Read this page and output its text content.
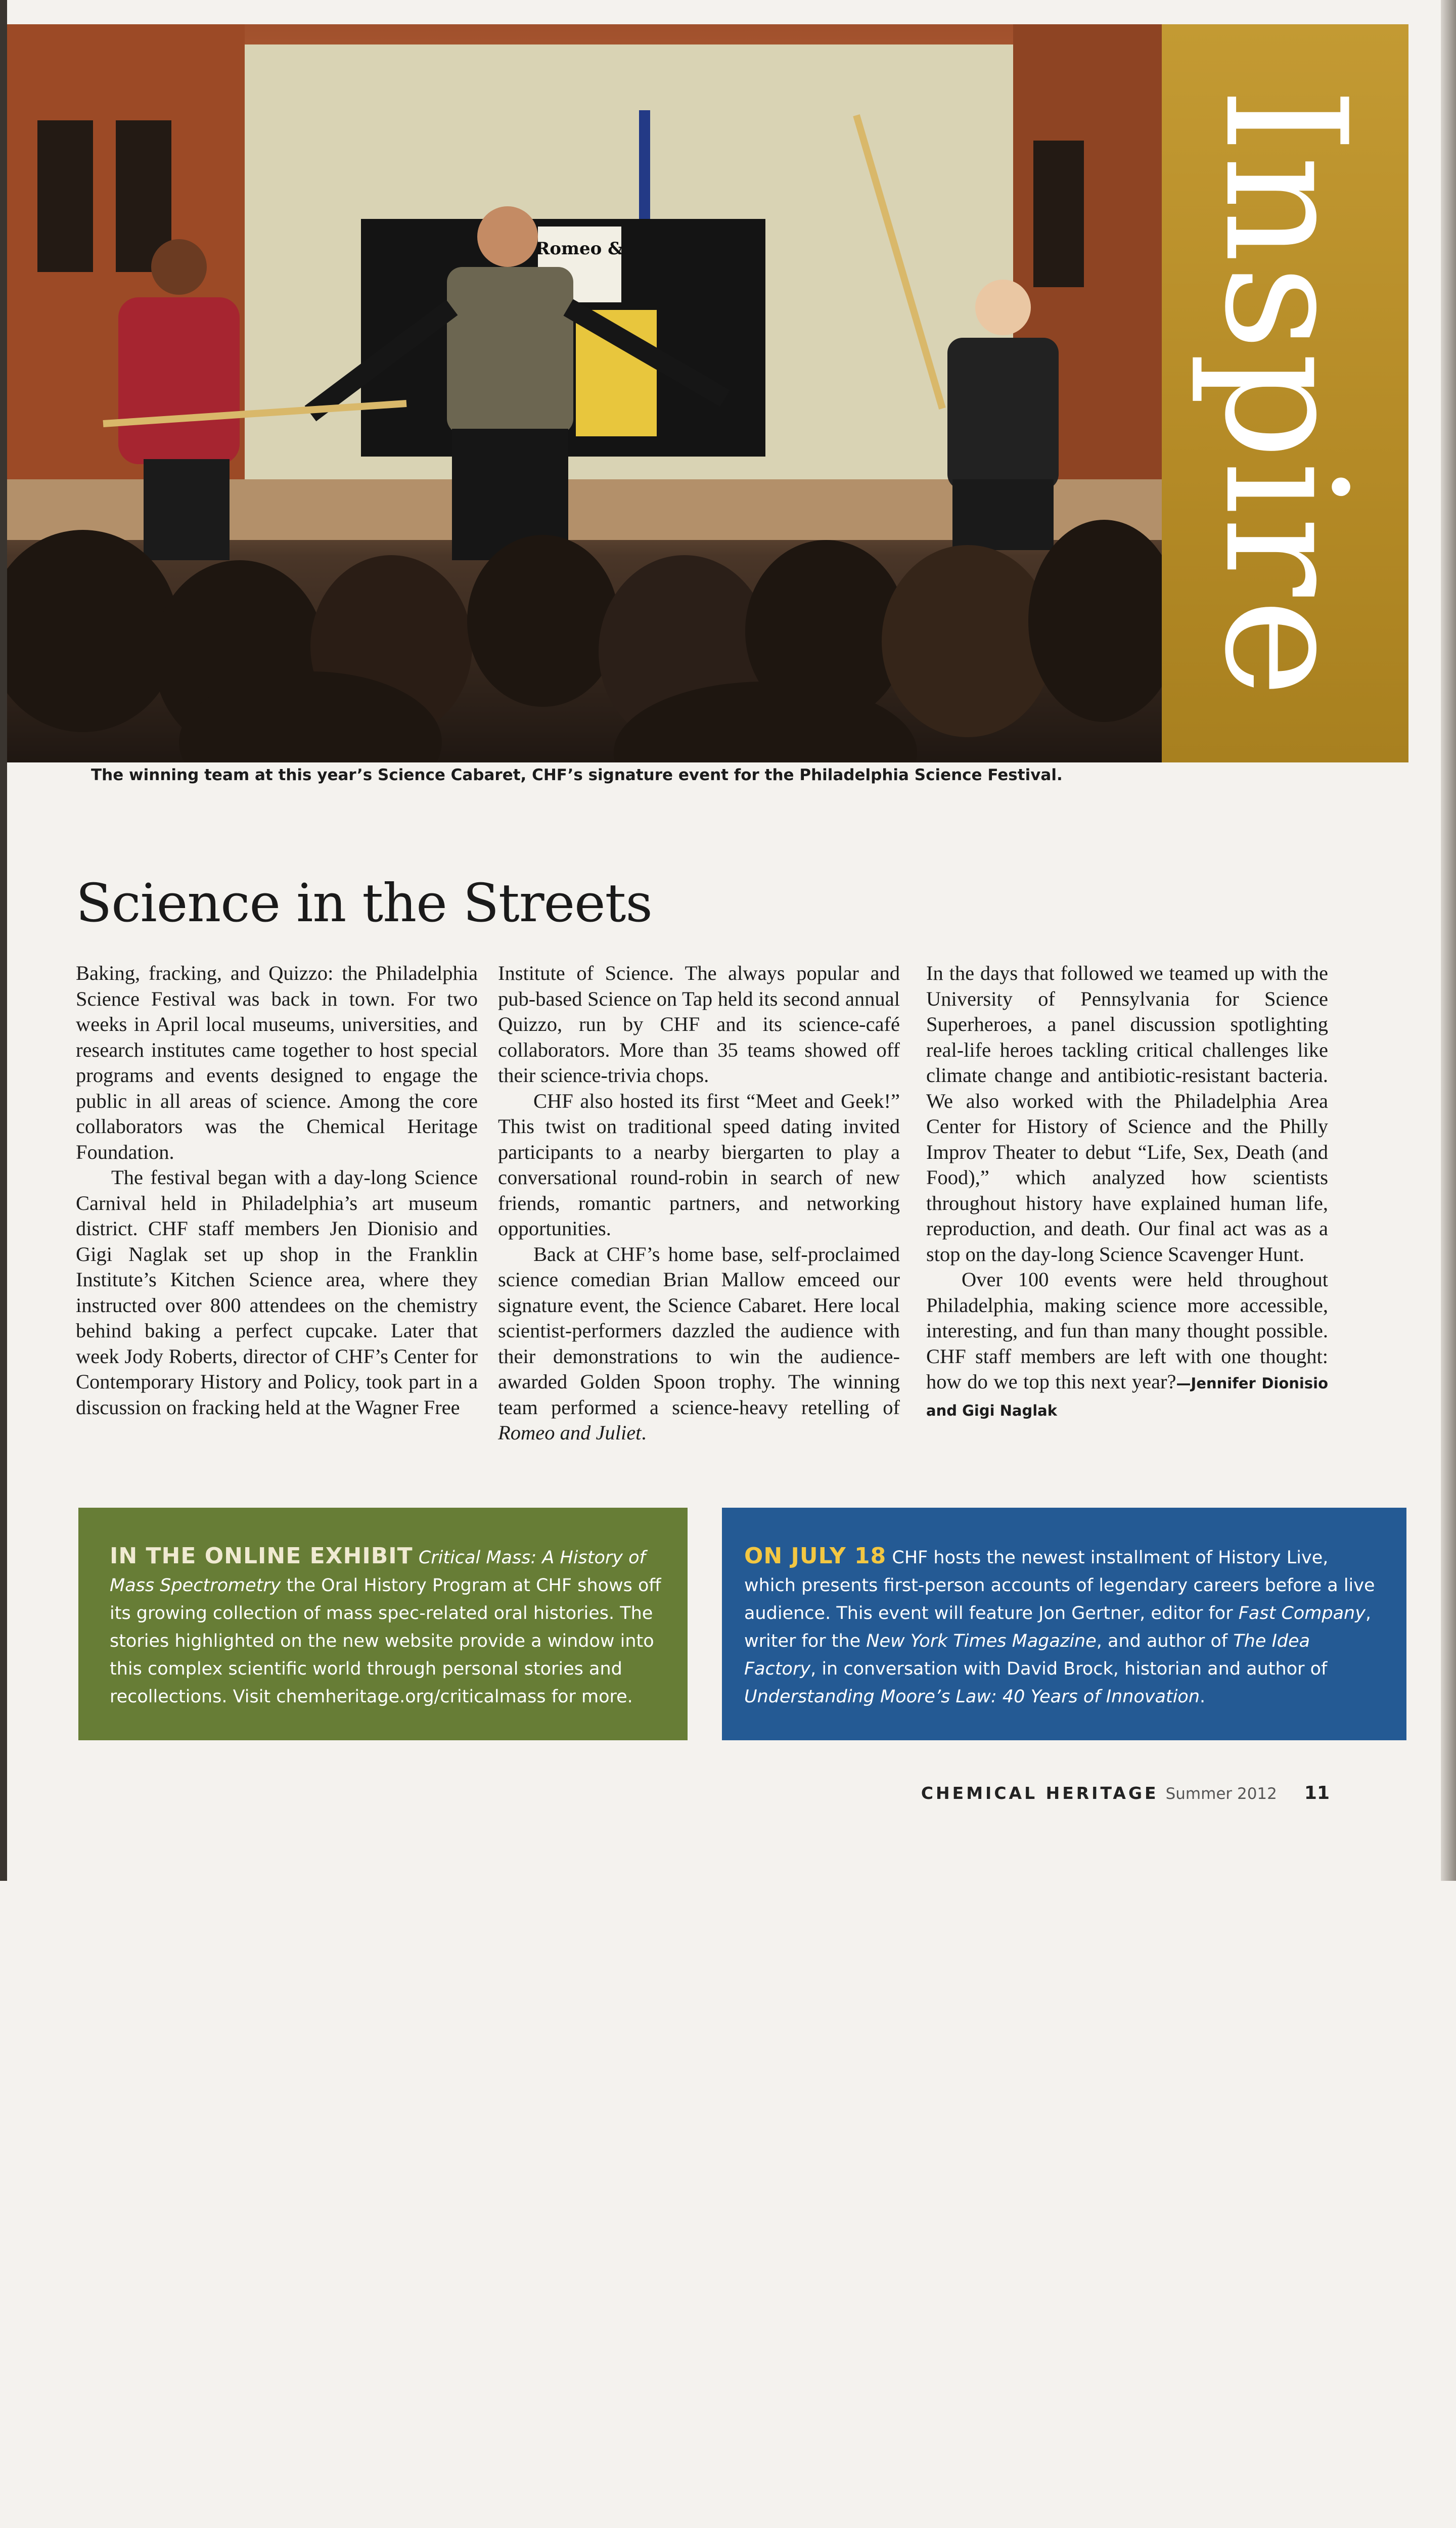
Romeo &	Inspire
The winning team at this year’s Science Cabaret, CHF’s signature event for the Philadelphia Science Festival.
Science in the Streets

Baking, fracking, and Quizzo: the Philadelphia Science Festival was back in town. For two weeks in April local museums, universities, and research institutes came together to host special programs and events designed to engage the public in all areas of science. Among the core collaborators was the Chemical Heritage Foundation.

The festival began with a day-long Science Carnival held in Philadelphia’s art museum district. CHF staff members Jen Dionisio and Gigi Naglak set up shop in the Franklin Institute’s Kitchen Science area, where they instructed over 800 attendees on the chemistry behind baking a perfect cupcake. Later that week Jody Roberts, director of CHF’s Center for Contemporary History and Policy, took part in a discussion on fracking held at the Wagner Free

Institute of Science. The always popular and pub-based Science on Tap held its second annual Quizzo, run by CHF and its science-café collaborators. More than 35 teams showed off their science-trivia chops.

CHF also hosted its first “Meet and Geek!” This twist on traditional speed dating invited participants to a nearby biergarten to play a conversational round-robin in search of new friends, romantic partners, and networking opportunities.

Back at CHF’s home base, self-proclaimed science comedian Brian Mallow emceed our signature event, the Science Cabaret. Here local scientist-performers dazzled the audience with their demonstrations to win the audience-awarded Golden Spoon trophy. The winning team performed a science-heavy retelling of Romeo and Juliet.

In the days that followed we teamed up with the University of Pennsylvania for Science Superheroes, a panel discussion spotlighting real-life heroes tackling critical challenges like climate change and antibiotic-resistant bacteria. We also worked with the Philadelphia Area Center for History of Science and the Philly Improv Theater to debut “Life, Sex, Death (and Food),” which analyzed how scientists throughout history have explained human life, reproduction, and death. Our final act was as a stop on the day-long Science Scavenger Hunt.

Over 100 events were held throughout Philadelphia, making science more accessible, interesting, and fun than many thought possible. CHF staff members are left with one thought: how do we top this next year?—Jennifer Dionisio and Gigi Naglak

IN THE ONLINE EXHIBIT Critical Mass: A History of Mass Spectrometry the Oral History Program at CHF shows off its growing collection of mass spec-related oral histories. The stories highlighted on the new website provide a window into this complex scientific world through personal stories and recollections. Visit chemheritage.org/criticalmass for more.
ON JULY 18 CHF hosts the newest installment of History Live, which presents first-person accounts of legendary careers before a live audience. This event will feature Jon Gertner, editor for Fast Company, writer for the New York Times Magazine, and author of The Idea Factory, in conversation with David Brock, historian and author of Understanding Moore’s Law: 40 Years of Innovation.
CHEMICAL HERITAGE Summer 2012 11
